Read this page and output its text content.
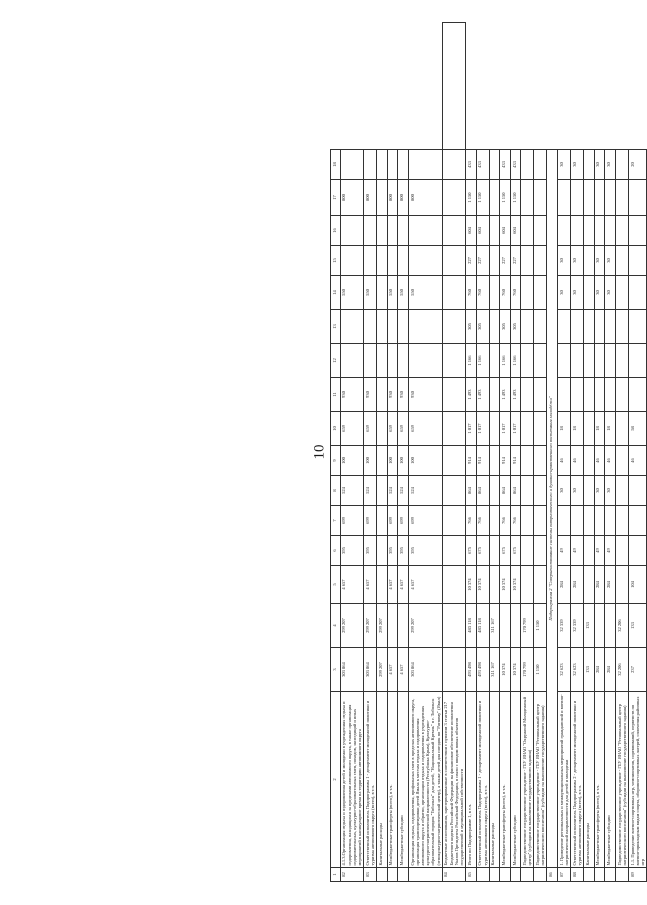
10
1	2	3	4	5	6	7	8	9	10	11	12	13	14	15	16	17	18	
82	4.1.3.Организация отдыха и оздоровления детей и молодежи в учреждениях отдыха и оздоровления, находящихся за пределами автономного округа, в также организация оздоровительных, культурно-образовательных смен, походов, экспедиций и иных мероприятий в каникулярное время на территории автономного округа	303 864	299 207	4 657	395	699	524	100	659	930			550			800		
83	Ответственный исполнитель Подпрограммы 1 - департамент молодежной политики и туризма автономного округа (всего), в т.ч.	303 864	299 207	4 657	395	699	524	100	659	930			550			800		
	Капитальные расходы	299 207	299 207															
	Межбюджетные трансферты (всего), в т.ч.	4 657		4 657	395	699	524	100	659	930			550			800		
	Межбюджетные субсидии	4 657		4 657	395	699	524	100	659	930			550			800		
	Организация отдыха, оздоровления, профильных смен в пределах автономного округа, организация транспортировки детей Ямала к местам отдыха и оздоровления автономного округа и обратно, организации отдыха и оздоровления в учреждениях культурно-патриотической направленности (Республика Крым), Культурно-образовательный городок "Тобольск" для детей, "Национальный Кремль" в г. Тобольск (этнокультурно-патриотический центр), а также детей для поездок по "Ратному" (Ямал)	303 864	299 207	4 657	395	699	524	100	659	930			550			800		
84	Бюджетные ассигнования, зарезервированные в соответствии с пунктом 3 статьи 217 Бюджетного кодекса Российской Федерации на финансовое обеспечение исполнения Указов Президента Российской Федерации, в связи с вводом новых объектов государственной и муниципальной собственности																	
85	Итого по Подпрограмме 1, в т.ч.	493 498	483 118	10 374	675	766	864	914	1 017	1 493	1 166	305	760	227	604	1 150	433	
	Ответственный исполнитель Подпрограммы 1 - департамент молодежной политики и туризма автономного округа (всего), в т.ч.	493 498	483 118	10 374	675	766	864	914	1 017	1 493	1 166	305	760	227	604	1 150	433	
	Капитальные расходы	311 167	311 167															
	Межбюджетные трансферты (всего), в т.ч.	10 374		10 374	675	766	864	914	1 017	1 493	1 166	305	760	227	604	1 150	433	
	Межбюджетные субсидии	10 374		10 374	675	766	864	914	1 017	1 493	1 166	305	760	227	604	1 150	433	
	Подведомственное государственное учреждение - ГБУ ЯНАО "Окружной Молодежный центр" (субсидии на выполнение государственного задания)	170 799	170 799															
	Подведомственное государственное учреждение - ГБУ ЯНАО "Региональный центр патриотического воспитания" (субсидии на выполнение государственного задания)	1 150	1 150															
86	Подпрограмма 2 "Совершенствование системы патриотического и духовно-нравственного воспитания молодёжи"																	
87	1. Проведение региональных и межмуниципальных мероприятий гражданской и военно-патриотической направленности для детей и молодежи	32 623	32 339	284	49		30	46	18				30	30			30	
88	Ответственный исполнитель Подпрограммы 2 - департамент молодежной политики и туризма автономного округа (всего), в т.ч.	32 623	32 339	284	49		30	46	18				30	30			30	
	Капитальные расходы	133	133															
	Межбюджетные трансферты (всего), в т.ч.	284		284	49		30	46	18				30	30			30	
	Межбюджетные субсидии	284		284	49		30	46	18				30	30			30	
	Подведомственное государственное учреждение - ГБУ ЯНАО "Региональный центр патриотического воспитания" (субсидии на выполнение государственного задания)	32 206	32 206															
89	1.1. Проведение военно-спортивных игр, чемпионатов, соревнований, первенств по военно-прикладным видам спорта, оборонно-спортивных лагерей, сплочения районных игр	237	133	104				46	58								20	
